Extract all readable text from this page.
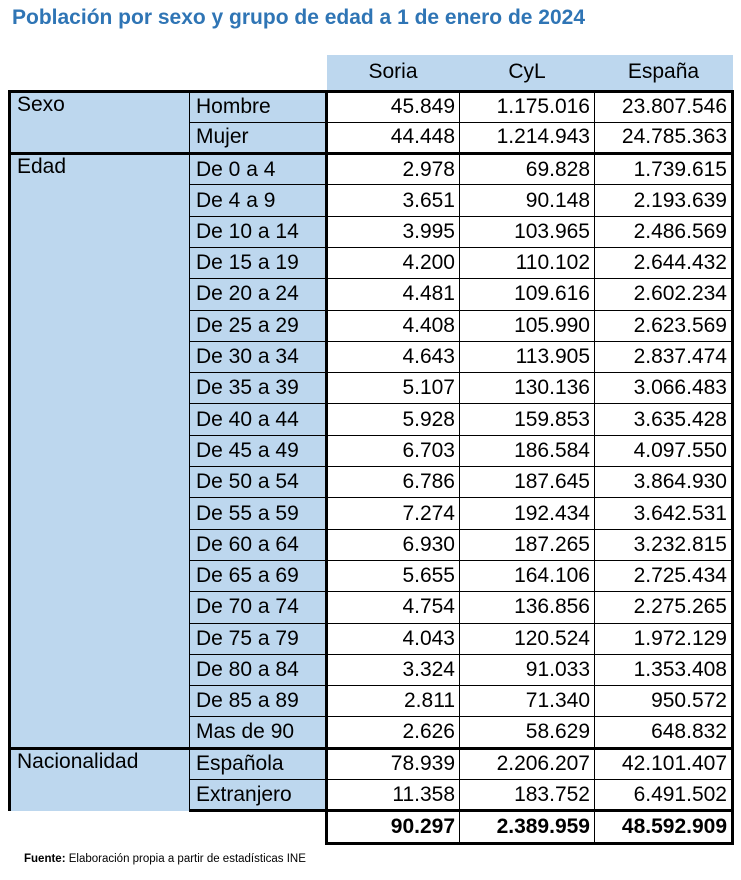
Población por sexo y grupo de edad a 1 de enero de 2024
		Soria	CyL	España
Sexo	Hombre	45.849	1.175.016	23.807.546
	Mujer	44.448	1.214.943	24.785.363
Edad	De 0 a 4	2.978	69.828	1.739.615
	De 4 a 9	3.651	90.148	2.193.639
	De 10 a 14	3.995	103.965	2.486.569
	De 15 a 19	4.200	110.102	2.644.432
	De 20 a 24	4.481	109.616	2.602.234
	De 25 a 29	4.408	105.990	2.623.569
	De 30 a 34	4.643	113.905	2.837.474
	De 35 a 39	5.107	130.136	3.066.483
	De 40 a 44	5.928	159.853	3.635.428
	De 45 a 49	6.703	186.584	4.097.550
	De 50 a 54	6.786	187.645	3.864.930
	De 55 a 59	7.274	192.434	3.642.531
	De 60 a 64	6.930	187.265	3.232.815
	De 65 a 69	5.655	164.106	2.725.434
	De 70 a 74	4.754	136.856	2.275.265
	De 75 a 79	4.043	120.524	1.972.129
	De 80 a 84	3.324	91.033	1.353.408
	De 85 a 89	2.811	71.340	950.572
	Mas de 90	2.626	58.629	648.832
Nacionalidad	Española	78.939	2.206.207	42.101.407
	Extranjero	11.358	183.752	6.491.502
		90.297	2.389.959	48.592.909
Fuente: Elaboración propia a partir de estadísticas INE
